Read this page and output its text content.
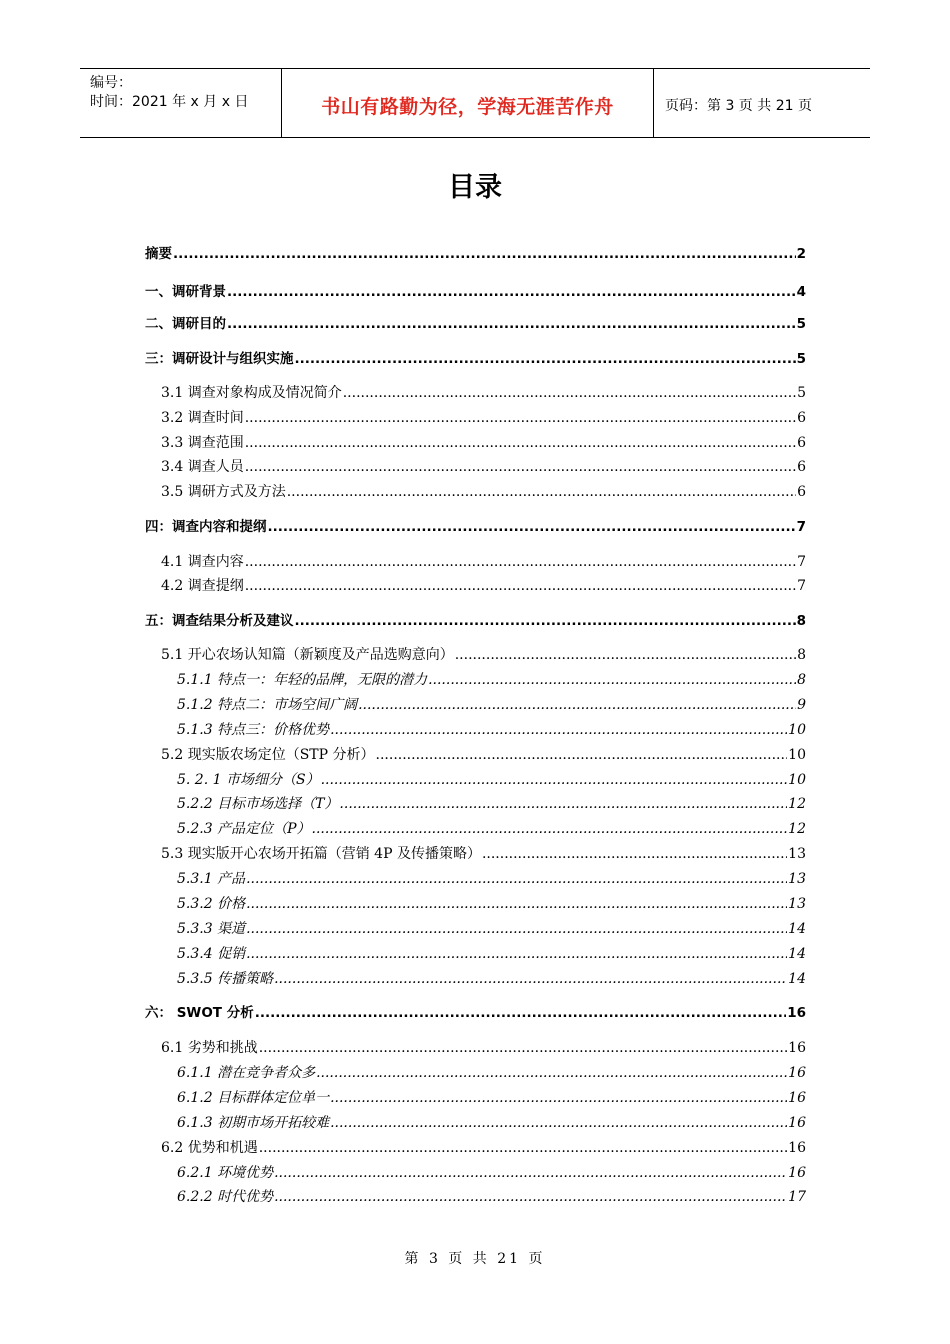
编号：
时间：2021 年 x 月 x 日	书山有路勤为径，学海无涯苦作舟	页码：第 3 页 共 21 页
目录
摘要 .....	2
一、调研背景 .....	4
二、调研目的 .....	5
三：调研设计与组织实施 .....	5
3.1 调查对象构成及情况简介 .....	5
3.2 调查时间 .....	6
3.3 调查范围 .....	6
3.4 调查人员 .....	6
3.5 调研方式及方法 .....	6
四：调查内容和提纲 .....	7
4.1 调查内容 .....	7
4.2 调查提纲 .....	7
五：调查结果分析及建议 .....	8
5.1 开心农场认知篇（新颖度及产品选购意向） .....	8
5.1.1 特点一：年轻的品牌，无限的潜力 .....	8
5.1.2 特点二：市场空间广阔 .....	9
5.1.3 特点三：价格优势 .....	10
5.2 现实版农场定位（STP 分析） .....	10
5. 2. 1 市场细分（S） .....	10
5.2.2 目标市场选择（T） .....	12
5.2.3 产品定位（P） .....	12
5.3 现实版开心农场开拓篇（营销 4P 及传播策略） .....	13
5.3.1 产品 .....	13
5.3.2 价格 .....	13
5.3.3 渠道 .....	14
5.3.4 促销 .....	14
5.3.5 传播策略 .....	14
六： SWOT 分析 .....	16
6.1 劣势和挑战 .....	16
6.1.1 潜在竞争者众多 .....	16
6.1.2 目标群体定位单一 .....	16
6.1.3 初期市场开拓较难 .....	16
6.2 优势和机遇 .....	16
6.2.1 环境优势 .....	16
6.2.2 时代优势 .....	17
第 3 页 共 21 页
